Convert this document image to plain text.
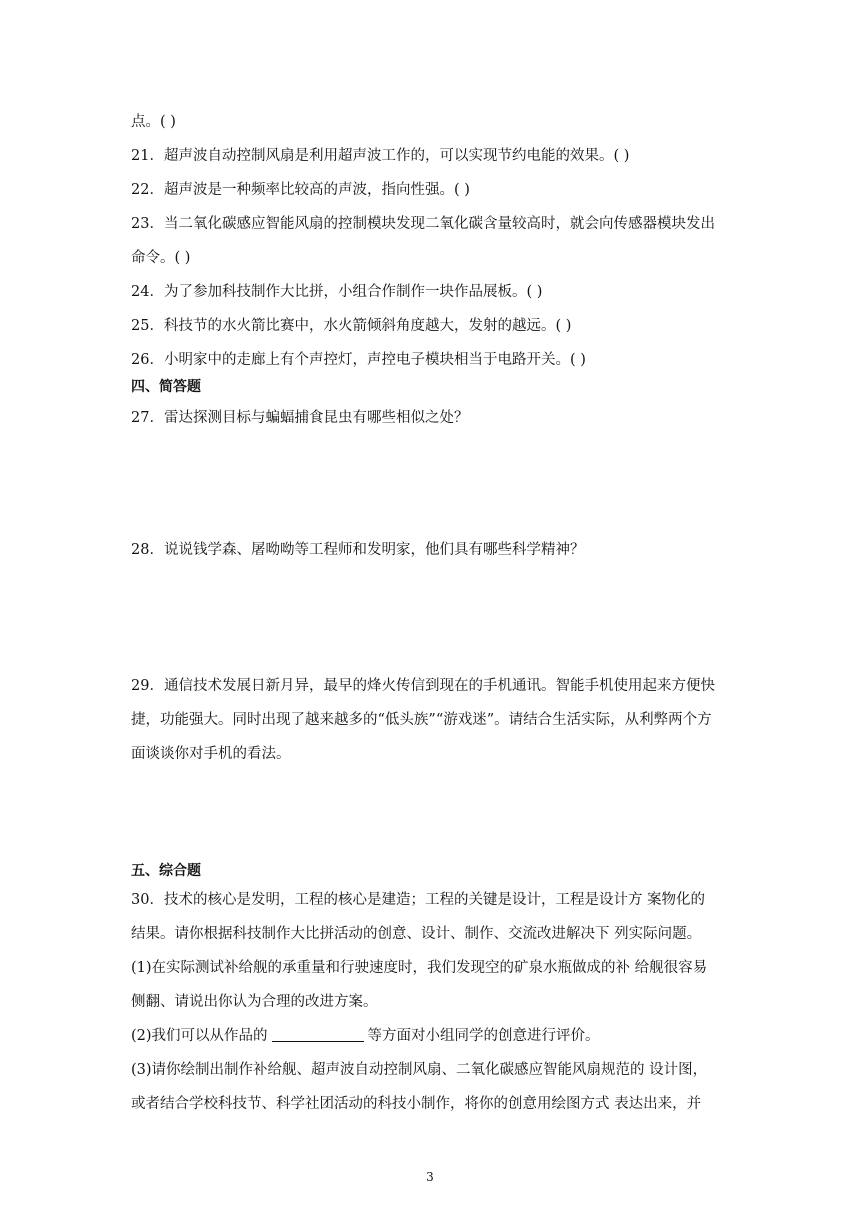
点。( )
21．超声波自动控制风扇是利用超声波工作的，可以实现节约电能的效果。( )
22．超声波是一种频率比较高的声波，指向性强。( )
23．当二氧化碳感应智能风扇的控制模块发现二氧化碳含量较高时，就会向传感器模块发出
命令。( )
24．为了参加科技制作大比拼，小组合作制作一块作品展板。( )
25．科技节的水火箭比赛中，水火箭倾斜角度越大，发射的越远。( )
26．小明家中的走廊上有个声控灯，声控电子模块相当于电路开关。( )
四、简答题
27．雷达探测目标与蝙蝠捕食昆虫有哪些相似之处？
28．说说钱学森、屠呦呦等工程师和发明家，他们具有哪些科学精神？
29．通信技术发展日新月异，最早的烽火传信到现在的手机通讯。智能手机使用起来方便快
捷，功能强大。同时出现了越来越多的“低头族”“游戏迷”。请结合生活实际，从利弊两个方
面谈谈你对手机的看法。
五、综合题
30．技术的核心是发明，工程的核心是建造；工程的关键是设计，工程是设计方 案物化的
结果。请你根据科技制作大比拼活动的创意、设计、制作、交流改进解决下 列实际问题。
(1)在实际测试补给舰的承重量和行驶速度时，我们发现空的矿泉水瓶做成的补 给舰很容易
侧翻、请说出你认为合理的改进方案。
(2)我们可以从作品的	等方面对小组同学的创意进行评价。
(3)请你绘制出制作补给舰、超声波自动控制风扇、二氧化碳感应智能风扇规范的 设计图，
或者结合学校科技节、科学社团活动的科技小制作，将你的创意用绘图方式 表达出来，并
3
